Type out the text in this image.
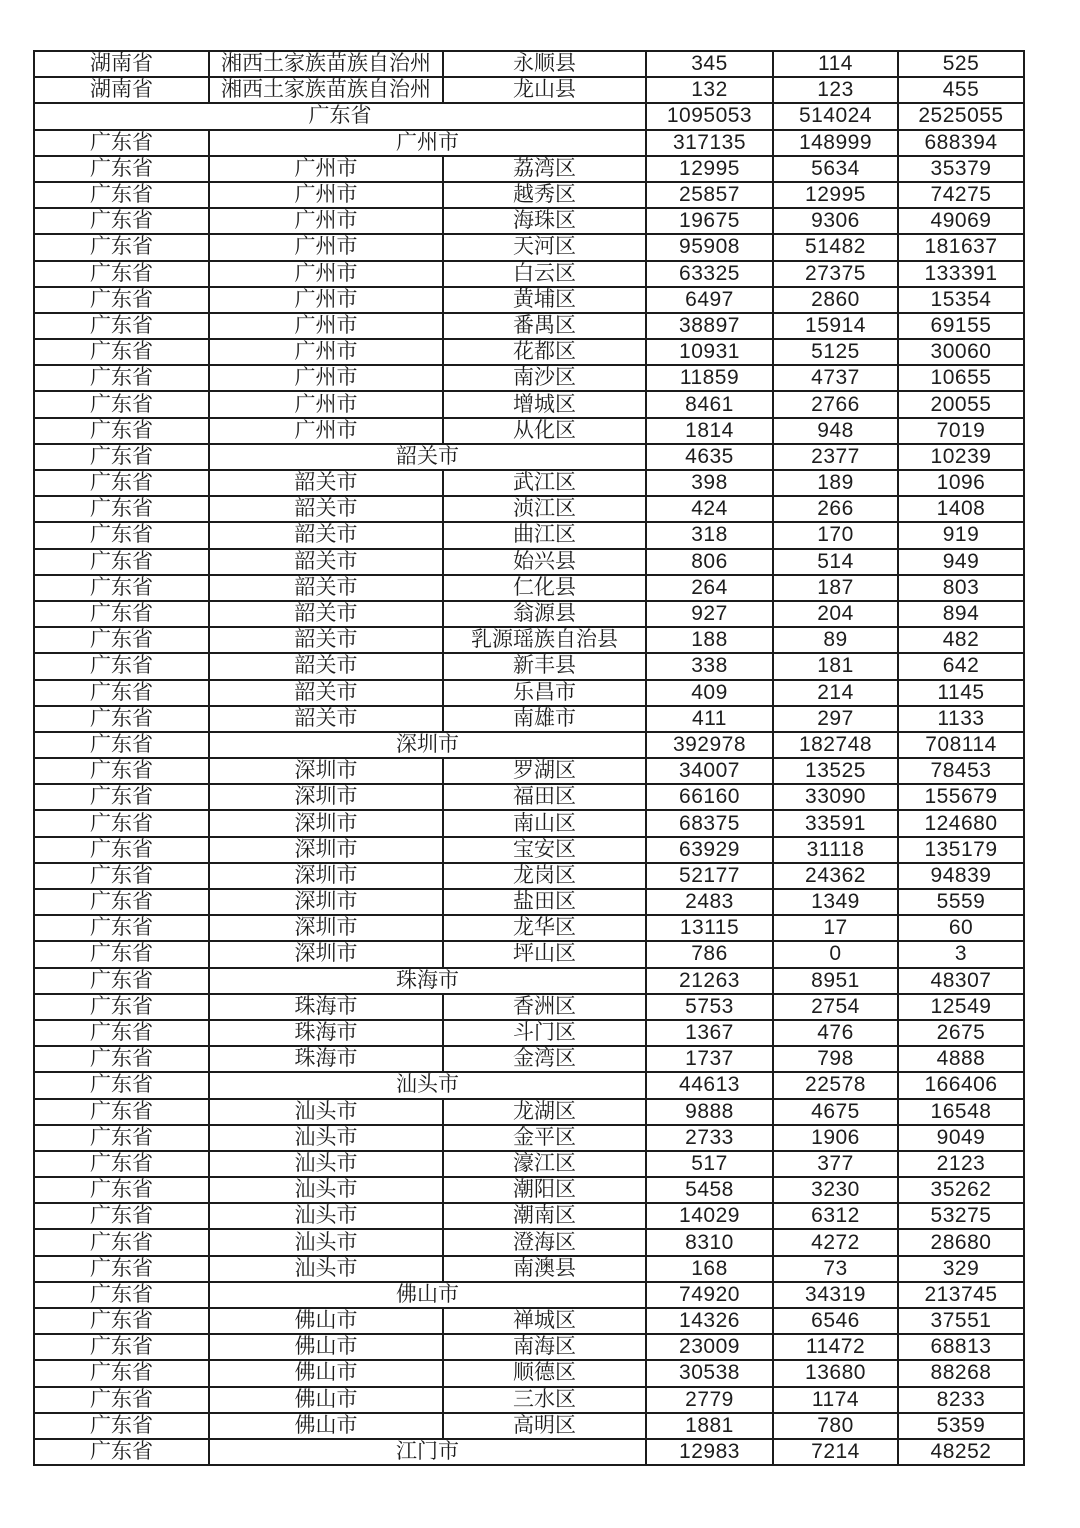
湖南省	湘西土家族苗族自治州	永顺县	345	114	525
湖南省	湘西土家族苗族自治州	龙山县	132	123	455
广东省			1095053	514024	2525055
广东省	广州市		317135	148999	688394
广东省	广州市	荔湾区	12995	5634	35379
广东省	广州市	越秀区	25857	12995	74275
广东省	广州市	海珠区	19675	9306	49069
广东省	广州市	天河区	95908	51482	181637
广东省	广州市	白云区	63325	27375	133391
广东省	广州市	黄埔区	6497	2860	15354
广东省	广州市	番禺区	38897	15914	69155
广东省	广州市	花都区	10931	5125	30060
广东省	广州市	南沙区	11859	4737	10655
广东省	广州市	增城区	8461	2766	20055
广东省	广州市	从化区	1814	948	7019
广东省	韶关市		4635	2377	10239
广东省	韶关市	武江区	398	189	1096
广东省	韶关市	浈江区	424	266	1408
广东省	韶关市	曲江区	318	170	919
广东省	韶关市	始兴县	806	514	949
广东省	韶关市	仁化县	264	187	803
广东省	韶关市	翁源县	927	204	894
广东省	韶关市	乳源瑶族自治县	188	89	482
广东省	韶关市	新丰县	338	181	642
广东省	韶关市	乐昌市	409	214	1145
广东省	韶关市	南雄市	411	297	1133
广东省	深圳市		392978	182748	708114
广东省	深圳市	罗湖区	34007	13525	78453
广东省	深圳市	福田区	66160	33090	155679
广东省	深圳市	南山区	68375	33591	124680
广东省	深圳市	宝安区	63929	31118	135179
广东省	深圳市	龙岗区	52177	24362	94839
广东省	深圳市	盐田区	2483	1349	5559
广东省	深圳市	龙华区	13115	17	60
广东省	深圳市	坪山区	786	0	3
广东省	珠海市		21263	8951	48307
广东省	珠海市	香洲区	5753	2754	12549
广东省	珠海市	斗门区	1367	476	2675
广东省	珠海市	金湾区	1737	798	4888
广东省	汕头市		44613	22578	166406
广东省	汕头市	龙湖区	9888	4675	16548
广东省	汕头市	金平区	2733	1906	9049
广东省	汕头市	濠江区	517	377	2123
广东省	汕头市	潮阳区	5458	3230	35262
广东省	汕头市	潮南区	14029	6312	53275
广东省	汕头市	澄海区	8310	4272	28680
广东省	汕头市	南澳县	168	73	329
广东省	佛山市		74920	34319	213745
广东省	佛山市	禅城区	14326	6546	37551
广东省	佛山市	南海区	23009	11472	68813
广东省	佛山市	顺德区	30538	13680	88268
广东省	佛山市	三水区	2779	1174	8233
广东省	佛山市	高明区	1881	780	5359
广东省	江门市		12983	7214	48252
